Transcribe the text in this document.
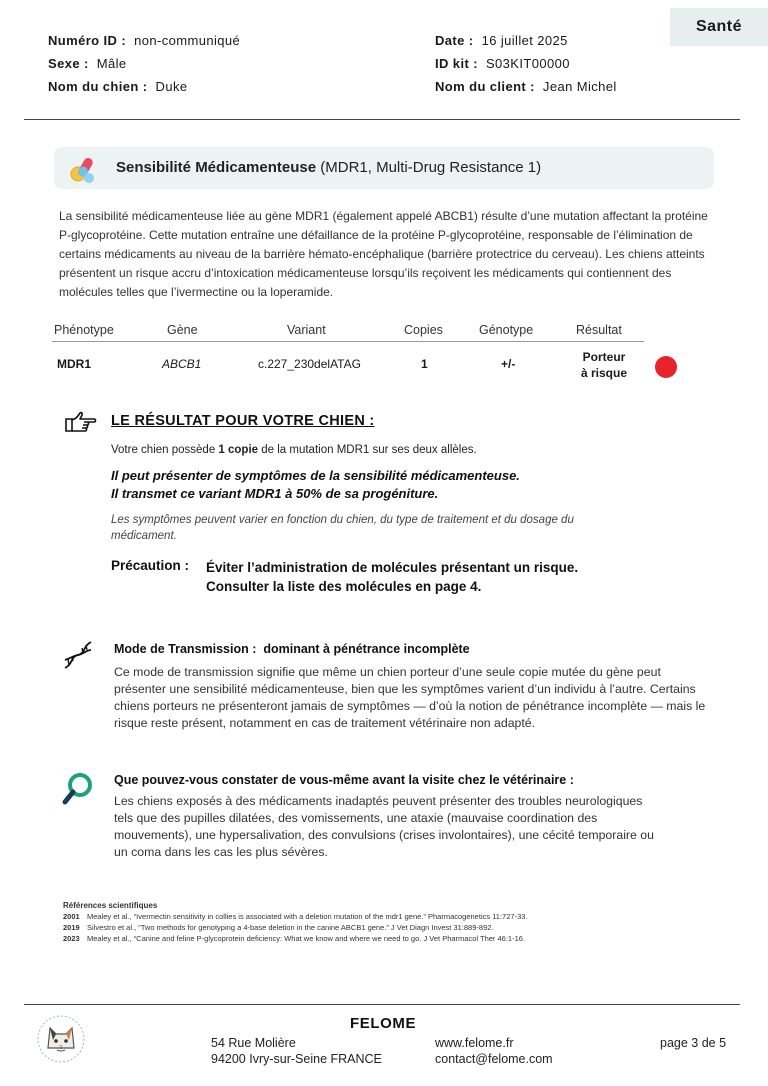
Santé
Numéro ID : non-communiqué
Sexe : Mâle
Nom du chien : Duke
Date : 16 juillet 2025
ID kit : S03KIT00000
Nom du client : Jean Michel
Sensibilité Médicamenteuse (MDR1, Multi-Drug Resistance 1)
La sensibilité médicamenteuse liée au gène MDR1 (également appelé ABCB1) résulte d’une mutation affectant la protéine P-glycoprotéine. Cette mutation entraîne une défaillance de la protéine P-glycoprotéine, responsable de l’élimination de certains médicaments au niveau de la barrière hémato-encéphalique (barrière protectrice du cerveau). Les chiens atteints présentent un risque accru d’intoxication médicamenteuse lorsqu’ils reçoivent les médicaments qui contiennent des molécules telles que l’ivermectine ou la loperamide.
Phénotype	Gène	Variant	Copies	Génotype	Résultat
MDR1	ABCB1	c.227_230delATAG	1	+/-	Porteur
à risque
LE RÉSULTAT POUR VOTRE CHIEN :
Votre chien possède 1 copie de la mutation MDR1 sur ses deux allèles.
Il peut présenter de symptômes de la sensibilité médicamenteuse.
Il transmet ce variant MDR1 à 50% de sa progéniture.
Les symptômes peuvent varier en fonction du chien, du type de traitement et du dosage du médicament.
Précaution : Éviter l’administration de molécules présentant un risque.
Consulter la liste des molécules en page 4.
Mode de Transmission : dominant à pénétrance incomplète
Ce mode de transmission signifie que même un chien porteur d’une seule copie mutée du gène peut présenter une sensibilité médicamenteuse, bien que les symptômes varient d’un individu à l’autre. Certains chiens porteurs ne présenteront jamais de symptômes — d’où la notion de pénétrance incomplète — mais le risque reste présent, notamment en cas de traitement vétérinaire non adapté.
Que pouvez-vous constater de vous-même avant la visite chez le vétérinaire :
Les chiens exposés à des médicaments inadaptés peuvent présenter des troubles neurologiques tels que des pupilles dilatées, des vomissements, une ataxie (mauvaise coordination des mouvements), une hypersalivation, des convulsions (crises involontaires), une cécité temporaire ou un coma dans les cas les plus sévères.
Références scientifiques
2001 Mealey et al., “Ivermectin sensitivity in collies is associated with a deletion mutation of the mdr1 gene.” Pharmacogenetics 11:727-33.
2019 Silvestro et al., “Two methods for genotyping a 4-base deletion in the canine ABCB1 gene.” J Vet Diagn Invest 31:889-892.
2023 Mealey et al., “Canine and feline P-glycoprotein deficiency: What we know and where we need to go. J Vet Pharmacol Ther 46:1-16.
FELOME
54 Rue Molière
94200 Ivry-sur-Seine FRANCE
www.felome.fr
contact@felome.com
page 3 de 5
